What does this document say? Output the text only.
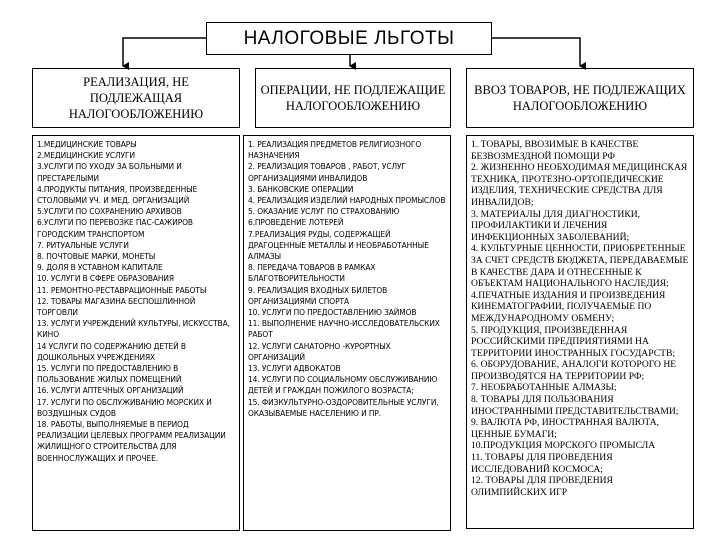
НАЛОГОВЫЕ ЛЬГОТЫ
РЕАЛИЗАЦИЯ, НЕ ПОДЛЕЖАЩАЯ НАЛОГООБЛОЖЕНИЮ
ОПЕРАЦИИ, НЕ ПОДЛЕЖАЩИЕ НАЛОГООБЛОЖЕНИЮ
ВВОЗ ТОВАРОВ, НЕ ПОДЛЕЖАЩИХ НАЛОГООБЛОЖЕНИЮ
1.МЕДИЦИНСКИЕ ТОВАРЫ
2.МЕДИЦИНСКИЕ УСЛУГИ
3.УСЛУГИ ПО УХОДУ ЗА БОЛЬНЫМИ И ПРЕСТАРЕЛЫМИ
4.ПРОДУКТЫ ПИТАНИЯ, ПРОИЗВЕДЕННЫЕ СТОЛОВЫМИ УЧ. И МЕД. ОРГАНИЗАЦИЙ
5.УСЛУГИ ПО СОХРАНЕНИЮ АРХИВОВ
6.УСЛУГИ ПО ПЕРЕВОЗКЕ ПАС-САЖИРОВ ГОРОДСКИМ ТРАНСПОРТОМ
7. РИТУАЛЬНЫЕ УСЛУГИ
8. ПОЧТОВЫЕ МАРКИ, МОНЕТЫ
9. ДОЛЯ В УСТАВНОМ КАПИТАЛЕ
10. УСЛУГИ В СФЕРЕ ОБРАЗОВАНИЯ
11. РЕМОНТНО-РЕСТАВРАЦИОННЫЕ РАБОТЫ
12. ТОВАРЫ МАГАЗИНА БЕСПОШЛИННОЙ ТОРГОВЛИ
13. УСЛУГИ УЧРЕЖДЕНИЙ КУЛЬТУРЫ, ИСКУССТВА, КИНО
14 УСЛУГИ ПО СОДЕРЖАНИЮ ДЕТЕЙ В ДОШКОЛЬНЫХ УЧРЕЖДЕНИЯХ
15. УСЛУГИ ПО ПРЕДОСТАВЛЕНИЮ В ПОЛЬЗОВАНИЕ ЖИЛЫХ ПОМЕЩЕНИЙ
16. УСЛУГИ АПТЕЧНЫХ ОРГАНИЗАЦИЙ
17. УСЛУГИ ПО ОБСЛУЖИВАНИЮ МОРСКИХ И ВОЗДУШНЫХ СУДОВ
18. РАБОТЫ, ВЫПОЛНЯЕМЫЕ В ПЕРИОД РЕАЛИЗАЦИИ ЦЕЛЕВЫХ ПРОГРАММ РЕАЛИЗАЦИИ ЖИЛИЩНОГО СТРОИТЕЛЬСТВА ДЛЯ ВОЕННОСЛУЖАЩИХ И ПРОЧЕЕ.
1. РЕАЛИЗАЦИЯ ПРЕДМЕТОВ РЕЛИГИОЗНОГО НАЗНАЧЕНИЯ
2. РЕАЛИЗАЦИЯ ТОВАРОВ , РАБОТ, УСЛУГ ОРГАНИЗАЦИЯМИ ИНВАЛИДОВ
3. БАНКОВСКИЕ ОПЕРАЦИИ
4. РЕАЛИЗАЦИЯ ИЗДЕЛИЙ НАРОДНЫХ ПРОМЫСЛОВ
5. ОКАЗАНИЕ УСЛУГ ПО СТРАХОВАНИЮ
6.ПРОВЕДЕНИЕ ЛОТЕРЕЙ
7.РЕАЛИЗАЦИЯ РУДЫ, СОДЕРЖАЩЕЙ ДРАГОЦЕННЫЕ МЕТАЛЛЫ И НЕОБРАБОТАННЫЕ АЛМАЗЫ
8. ПЕРЕДАЧА ТОВАРОВ В РАМКАХ БЛАГОТВОРИТЕЛЬНОСТИ
9. РЕАЛИЗАЦИЯ ВХОДНЫХ БИЛЕТОВ ОРГАНИЗАЦИЯМИ СПОРТА
10. УСЛУГИ ПО ПРЕДОСТАВЛЕНИЮ ЗАЙМОВ
11. ВЫПОЛНЕНИЕ НАУЧНО-ИССЛЕДОВАТЕЛЬСКИХ РАБОТ
12. УСЛУГИ САНАТОРНО -КУРОРТНЫХ ОРГАНИЗАЦИЙ
13. УСЛУГИ АДВОКАТОВ
14. УСЛУГИ ПО СОЦИАЛЬНОМУ ОБСЛУЖИВАНИЮ ДЕТЕЙ И ГРАЖДАН ПОЖИЛОГО ВОЗРАСТА;
15. ФИЗКУЛЬТУРНО-ОЗДОРОВИТЕЛЬНЫЕ УСЛУГИ, ОКАЗЫВАЕМЫЕ НАСЕЛЕНИЮ И ПР.
1. ТОВАРЫ, ВВОЗИМЫЕ В КАЧЕСТВЕ БЕЗВОЗМЕЗДНОЙ ПОМОЩИ РФ
2. ЖИЗНЕННО НЕОБХОДИМАЯ МЕДИЦИНСКАЯ ТЕХНИКА, ПРОТЕЗНО-ОРТОПЕДИЧЕСКИЕ ИЗДЕЛИЯ, ТЕХНИЧЕСКИЕ СРЕДСТВА ДЛЯ ИНВАЛИДОВ;
3. МАТЕРИАЛЫ ДЛЯ ДИАГНОСТИКИ, ПРОФИЛАКТИКИ И ЛЕЧЕНИЯ ИНФЕКЦИОННЫХ ЗАБОЛЕВАНИЙ;
4. КУЛЬТУРНЫЕ ЦЕННОСТИ, ПРИОБРЕТЕННЫЕ ЗА СЧЕТ СРЕДСТВ БЮДЖЕТА, ПЕРЕДАВАЕМЫЕ В КАЧЕСТВЕ ДАРА И ОТНЕСЕННЫЕ К ОБЪЕКТАМ НАЦИОНАЛЬНОГО НАСЛЕДИЯ;
4.ПЕЧАТНЫЕ ИЗДАНИЯ И ПРОИЗВЕДЕНИЯ КИНЕМАТОГРАФИИ, ПОЛУЧАЕМЫЕ ПО МЕЖДУНАРОДНОМУ ОБМЕНУ;
5. ПРОДУКЦИЯ, ПРОИЗВЕДЕННАЯ РОССИЙСКИМИ ПРЕДПРИЯТИЯМИ НА ТЕРРИТОРИИ ИНОСТРАННЫХ ГОСУДАРСТВ;
6. ОБОРУДОВАНИЕ, АНАЛОГИ КОТОРОГО НЕ ПРОИЗВОДЯТСЯ НА ТЕРРИТОРИИ РФ;
7. НЕОБРАБОТАННЫЕ АЛМАЗЫ;
8. ТОВАРЫ ДЛЯ ПОЛЬЗОВАНИЯ ИНОСТРАННЫМИ ПРЕДСТАВИТЕЛЬСТВАМИ;
9. ВАЛЮТА РФ, ИНОСТРАННАЯ ВАЛЮТА, ЦЕННЫЕ БУМАГИ;
10.ПРОДУКЦИЯ МОРСКОГО ПРОМЫСЛА
11. ТОВАРЫ ДЛЯ ПРОВЕДЕНИЯ ИССЛЕДОВАНИЙ КОСМОСА;
12. ТОВАРЫ ДЛЯ ПРОВЕДЕНИЯ ОЛИМПИЙСКИХ ИГР
